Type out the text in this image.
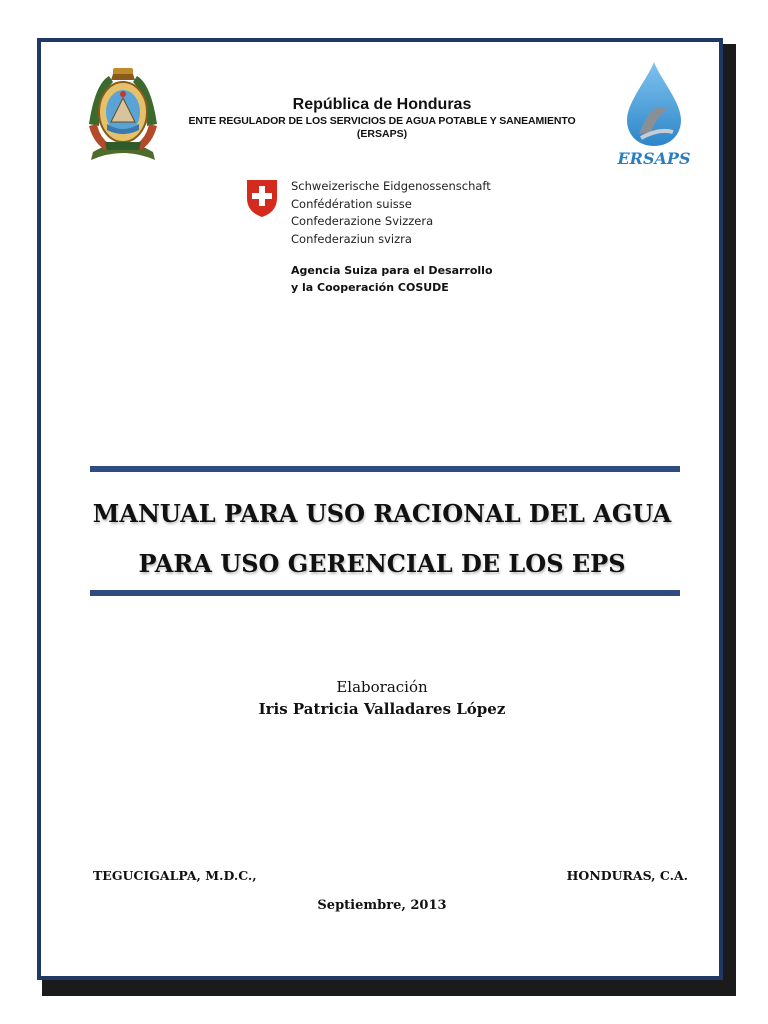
ERSAPS
República de Honduras
ENTE REGULADOR DE LOS SERVICIOS DE AGUA POTABLE Y SANEAMIENTO
(ERSAPS)
Schweizerische Eidgenossenschaft
Confédération suisse
Confederazione Svizzera
Confederaziun svizra
Agencia Suiza para el Desarrollo
y la Cooperación COSUDE
MANUAL PARA USO RACIONAL DEL AGUA
PARA USO GERENCIAL DE LOS EPS
Elaboración
Iris Patricia Valladares López
TEGUCIGALPA, M.D.C.,	HONDURAS, C.A.
Septiembre, 2013
